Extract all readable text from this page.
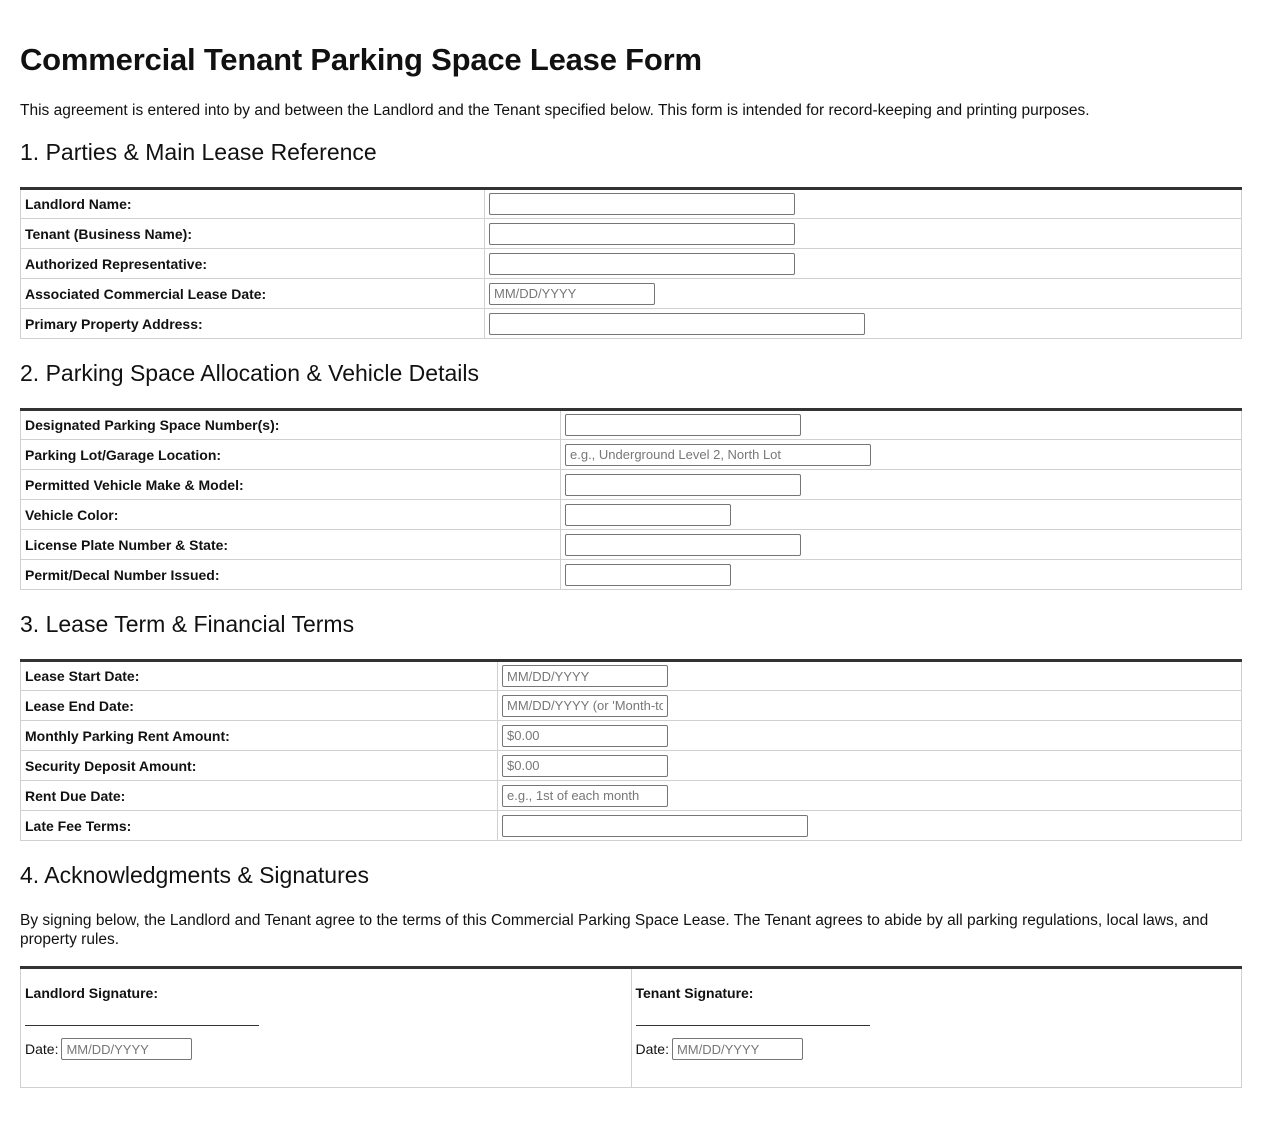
Commercial Tenant Parking Space Lease Form

This agreement is entered into by and between the Landlord and the Tenant specified below. This form is intended for record-keeping and printing purposes.

1. Parties & Main Lease Reference
Landlord Name:	

Tenant (Business Name):	

Authorized Representative:	

Associated Commercial Lease Date:	
MM/DD/YYYY
Primary Property Address:	
2. Parking Space Allocation & Vehicle Details
Designated Parking Space Number(s):	

Parking Lot/Garage Location:	
e.g., Underground Level 2, North Lot
Permitted Vehicle Make & Model:	

Vehicle Color:	

License Plate Number & State:	

Permit/Decal Number Issued:	
3. Lease Term & Financial Terms
Lease Start Date:	
MM/DD/YYYY
Lease End Date:	
MM/DD/YYYY (or 'Month-to-Month')
Monthly Parking Rent Amount:	
$0.00
Security Deposit Amount:	
$0.00
Rent Due Date:	
e.g., 1st of each month
Late Fee Terms:	
4. Acknowledgments & Signatures

By signing below, the Landlord and Tenant agree to the terms of this Commercial Parking Space Lease. The Tenant agrees to abide by all parking regulations, local laws, and property rules.

Landlord Signature:
Date:
MM/DD/YYYY

Tenant Signature:
Date:
MM/DD/YYYY
